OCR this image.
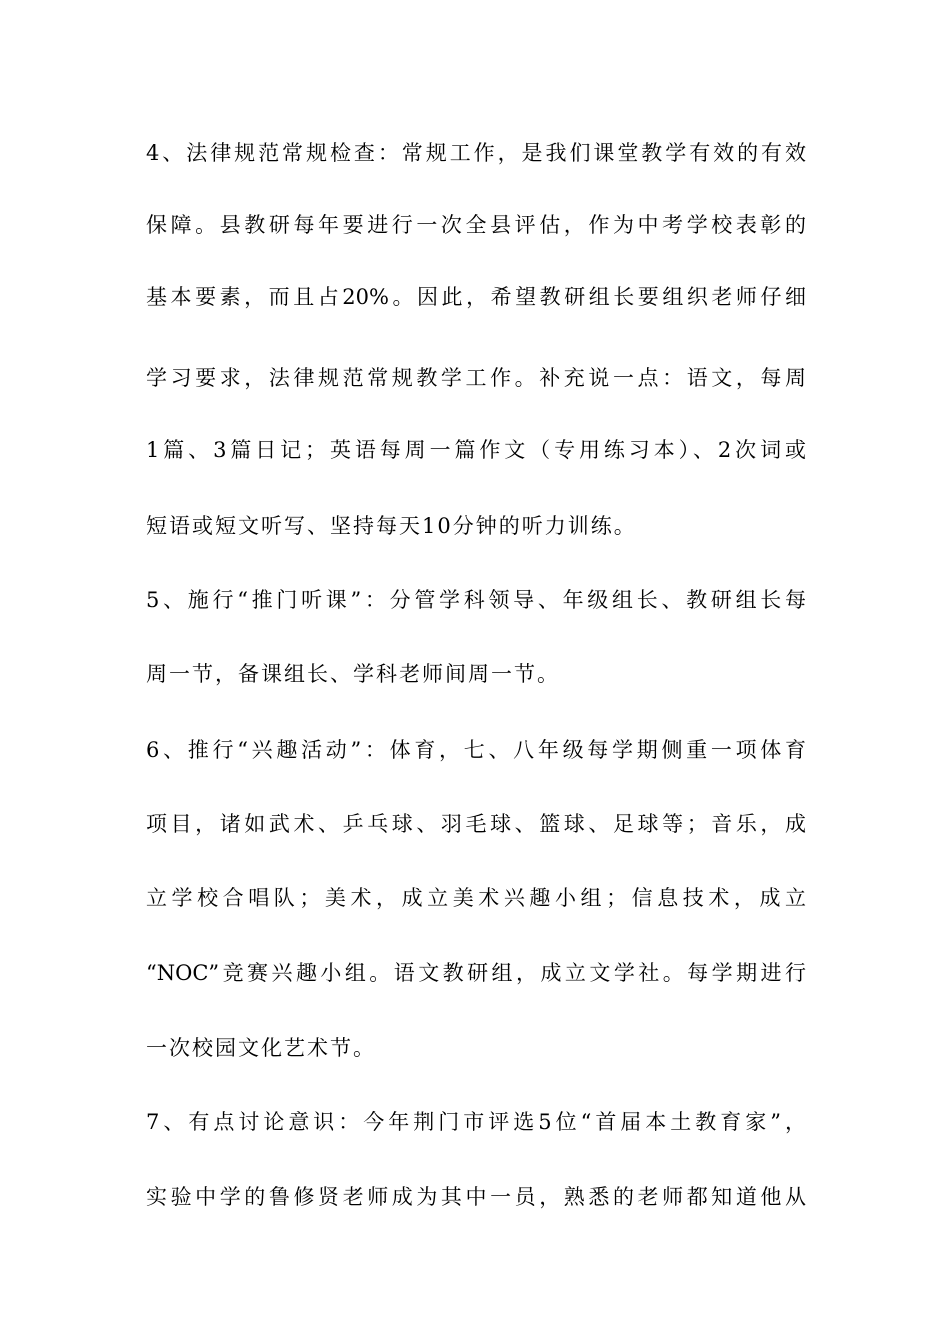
4、法律规范常规检查：常规工作，是我们课堂教学有效的有效
保障。县教研每年要进行一次全县评估，作为中考学校表彰的
基本要素，而且占20%。因此，希望教研组长要组织老师仔细
学习要求，法律规范常规教学工作。补充说一点：语文，每周
1篇、3篇日记；英语每周一篇作文（专用练习本）、2次词或
短语或短文听写、坚持每天10分钟的听力训练。
5、施行“推门听课”：分管学科领导、年级组长、教研组长每
周一节，备课组长、学科老师间周一节。
6、推行“兴趣活动”：体育，七、八年级每学期侧重一项体育
项目，诸如武术、乒乓球、羽毛球、篮球、足球等；音乐，成
立学校合唱队；美术，成立美术兴趣小组；信息技术，成立
“NOC”竞赛兴趣小组。语文教研组，成立文学社。每学期进行
一次校园文化艺术节。
7、有点讨论意识：今年荆门市评选5位“首届本土教育家”，
实验中学的鲁修贤老师成为其中一员，熟悉的老师都知道他从
